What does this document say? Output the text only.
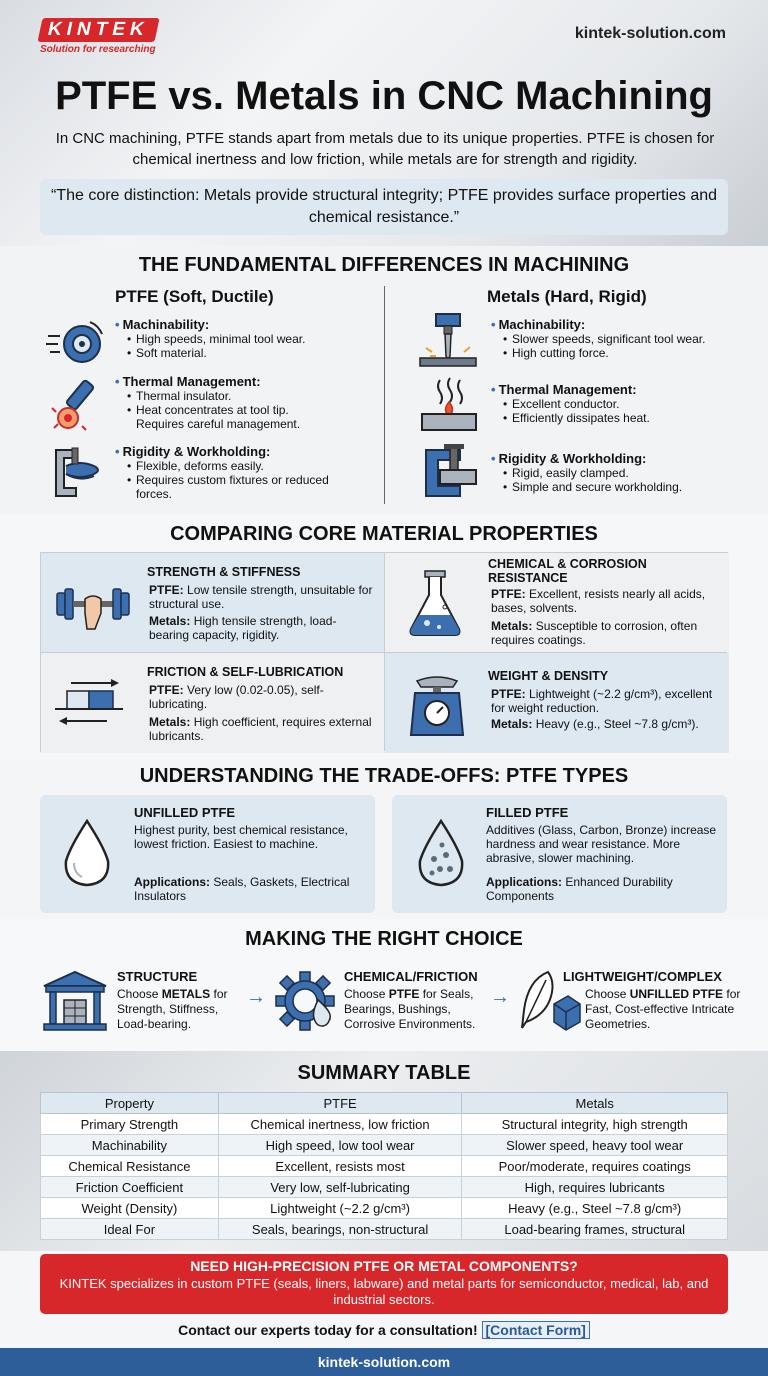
KINTEK
Solution for researching
kintek-solution.com
PTFE vs. Metals in CNC Machining
In CNC machining, PTFE stands apart from metals due to its unique properties. PTFE is chosen for chemical inertness and low friction, while metals are for strength and rigidity.
“The core distinction: Metals provide structural integrity; PTFE provides surface properties and chemical resistance.”
THE FUNDAMENTAL DIFFERENCES IN MACHINING
PTFE (Soft, Ductile)	Metals (Hard, Rigid)
• Machinability:
• High speeds, minimal tool wear.
• Soft material.
• Thermal Management:
• Thermal insulator.
• Heat concentrates at tool tip. Requires careful management.
• Rigidity & Workholding:
• Flexible, deforms easily.
• Requires custom fixtures or reduced forces.
• Machinability:
• Slower speeds, significant tool wear.
• High cutting force.
• Thermal Management:
• Excellent conductor.
• Efficiently dissipates heat.
• Rigidity & Workholding:
• Rigid, easily clamped.
• Simple and secure workholding.
COMPARING CORE MATERIAL PROPERTIES
STRENGTH & STIFFNESS
PTFE: Low tensile strength, unsuitable for structural use.
Metals: High tensile strength, load-bearing capacity, rigidity.
CHEMICAL & CORROSION RESISTANCE
PTFE: Excellent, resists nearly all acids, bases, solvents.
Metals: Susceptible to corrosion, often requires coatings.
FRICTION & SELF-LUBRICATION
PTFE: Very low (0.02-0.05), self-lubricating.
Metals: High coefficient, requires external lubricants.
WEIGHT & DENSITY
PTFE: Lightweight (~2.2 g/cm³), excellent for weight reduction.
Metals: Heavy (e.g., Steel ~7.8 g/cm³).
UNDERSTANDING THE TRADE-OFFS: PTFE TYPES
UNFILLED PTFE
Highest purity, best chemical resistance, lowest friction. Easiest to machine.
Applications: Seals, Gaskets, Electrical Insulators
FILLED PTFE
Additives (Glass, Carbon, Bronze) increase hardness and wear resistance. More abrasive, slower machining.
Applications: Enhanced Durability Components
MAKING THE RIGHT CHOICE
STRUCTURE
Choose METALS for Strength, Stiffness, Load-bearing.
→
CHEMICAL/FRICTION
Choose PTFE for Seals, Bearings, Bushings, Corrosive Environments.
→
LIGHTWEIGHT/COMPLEX
Choose UNFILLED PTFE for Fast, Cost-effective Intricate Geometries.
SUMMARY TABLE
Property	PTFE	Metals
Primary Strength	Chemical inertness, low friction	Structural integrity, high strength
Machinability	High speed, low tool wear	Slower speed, heavy tool wear
Chemical Resistance	Excellent, resists most	Poor/moderate, requires coatings
Friction Coefficient	Very low, self-lubricating	High, requires lubricants
Weight (Density)	Lightweight (~2.2 g/cm³)	Heavy (e.g., Steel ~7.8 g/cm³)
Ideal For	Seals, bearings, non-structural	Load-bearing frames, structural
NEED HIGH-PRECISION PTFE OR METAL COMPONENTS?
KINTEK specializes in custom PTFE (seals, liners, labware) and metal parts for semiconductor, medical, lab, and industrial sectors.
Contact our experts today for a consultation! [Contact Form]
kintek-solution.com
